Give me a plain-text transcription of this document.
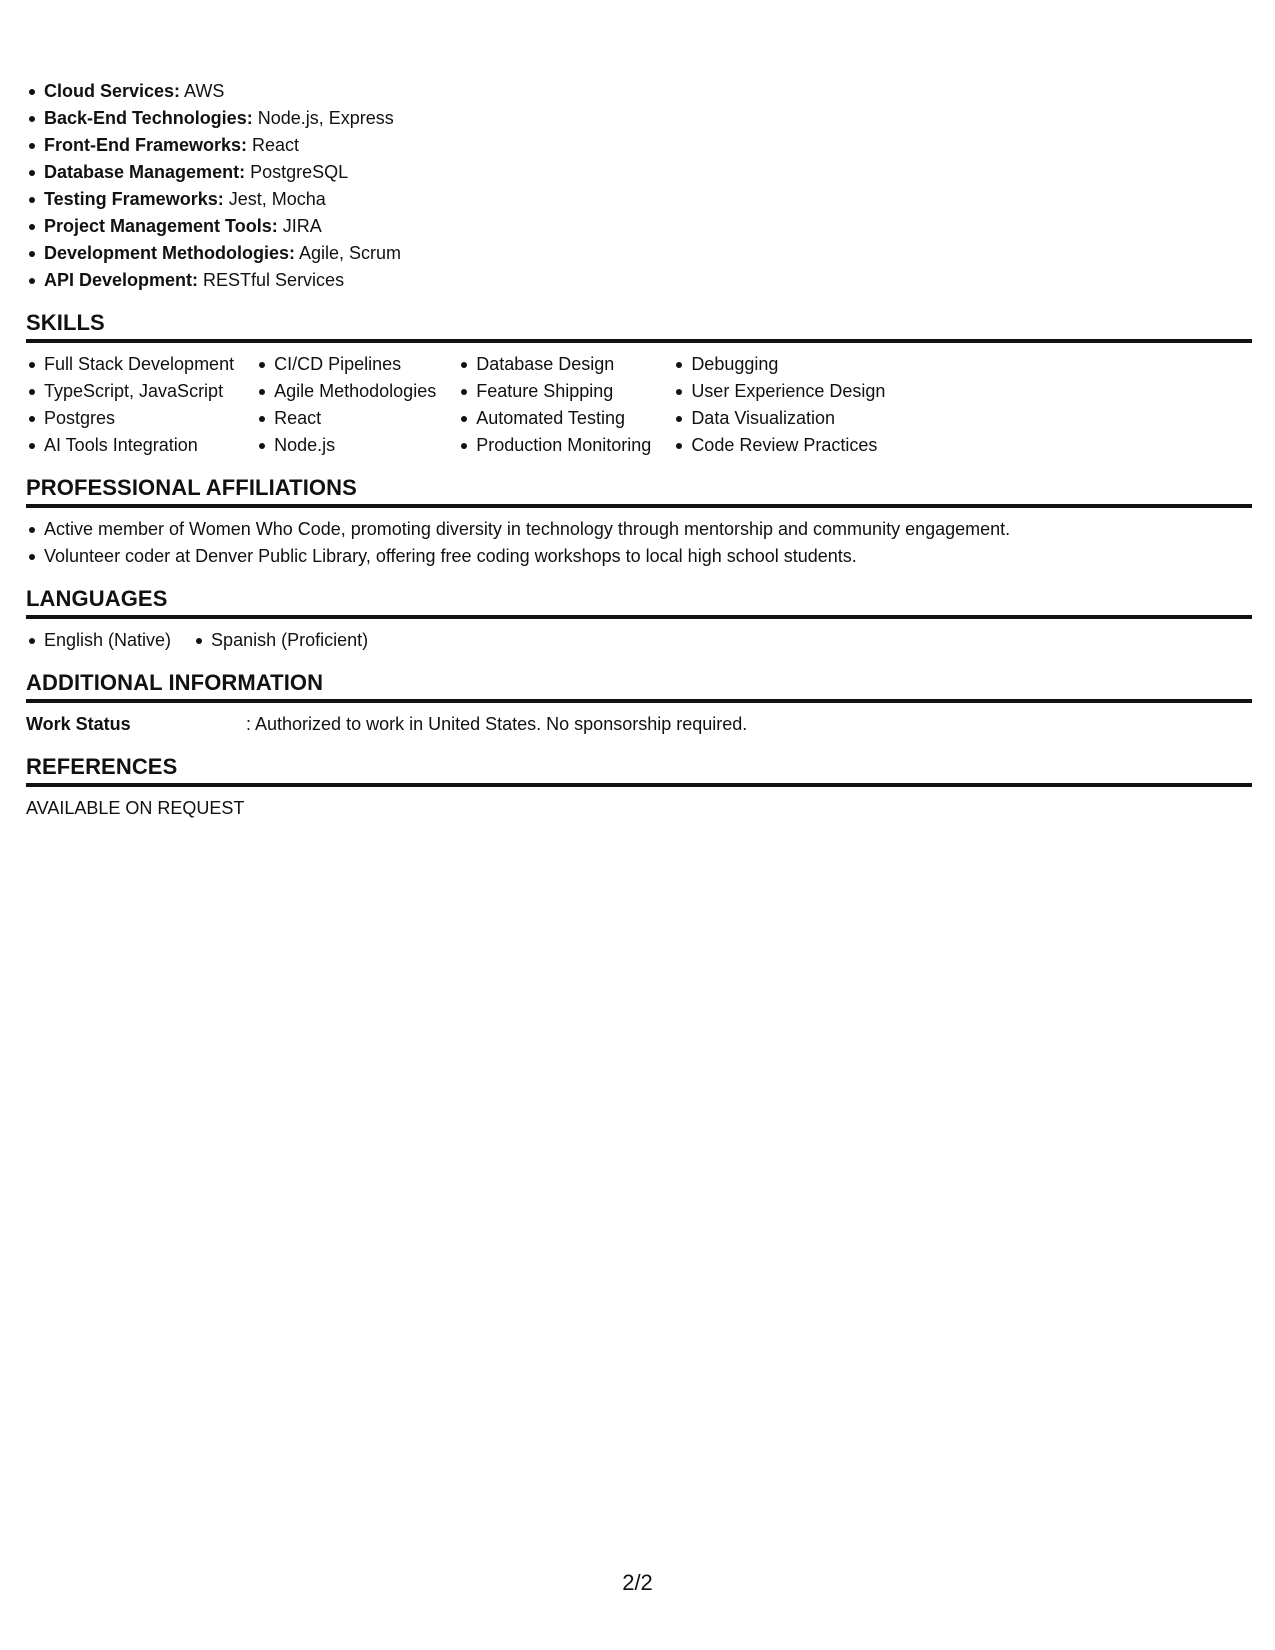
Cloud Services: AWS
Back-End Technologies: Node.js, Express
Front-End Frameworks: React
Database Management: PostgreSQL
Testing Frameworks: Jest, Mocha
Project Management Tools: JIRA
Development Methodologies: Agile, Scrum
API Development: RESTful Services
SKILLS
Full Stack Development
TypeScript, JavaScript
Postgres
AI Tools Integration
CI/CD Pipelines
Agile Methodologies
React
Node.js
Database Design
Feature Shipping
Automated Testing
Production Monitoring
Debugging
User Experience Design
Data Visualization
Code Review Practices
PROFESSIONAL AFFILIATIONS
Active member of Women Who Code, promoting diversity in technology through mentorship and community engagement.
Volunteer coder at Denver Public Library, offering free coding workshops to local high school students.
LANGUAGES
English (Native)	Spanish (Proficient)
ADDITIONAL INFORMATION
Work Status	: Authorized to work in United States. No sponsorship required.
REFERENCES
AVAILABLE ON REQUEST
2/2
